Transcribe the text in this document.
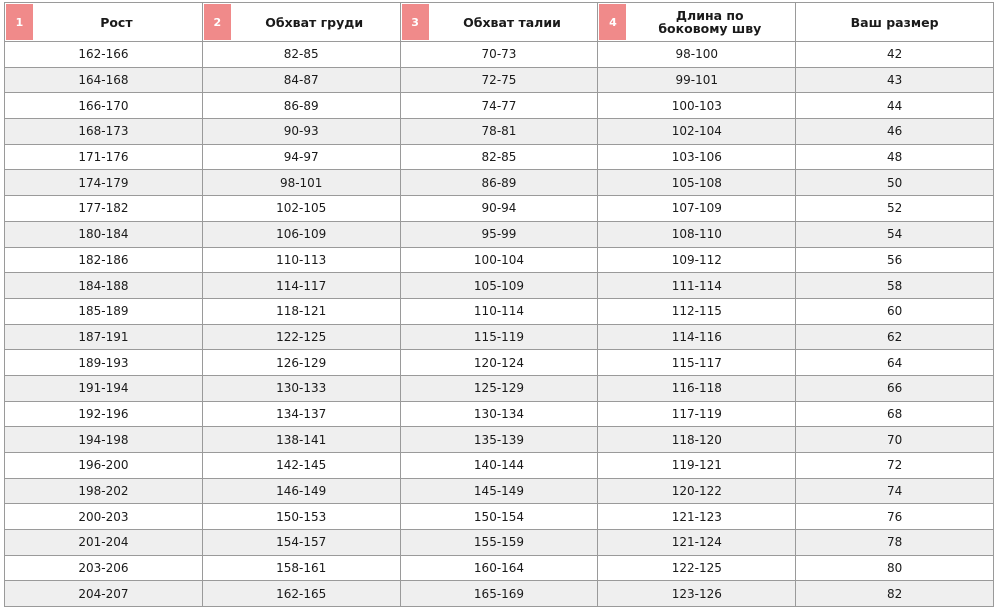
1 Рост	2 Обхват груди	3 Обхват талии	4 Длина по боковому шву	Ваш размер
162-166	82-85	70-73	98-100	42
164-168	84-87	72-75	99-101	43
166-170	86-89	74-77	100-103	44
168-173	90-93	78-81	102-104	46
171-176	94-97	82-85	103-106	48
174-179	98-101	86-89	105-108	50
177-182	102-105	90-94	107-109	52
180-184	106-109	95-99	108-110	54
182-186	110-113	100-104	109-112	56
184-188	114-117	105-109	111-114	58
185-189	118-121	110-114	112-115	60
187-191	122-125	115-119	114-116	62
189-193	126-129	120-124	115-117	64
191-194	130-133	125-129	116-118	66
192-196	134-137	130-134	117-119	68
194-198	138-141	135-139	118-120	70
196-200	142-145	140-144	119-121	72
198-202	146-149	145-149	120-122	74
200-203	150-153	150-154	121-123	76
201-204	154-157	155-159	121-124	78
203-206	158-161	160-164	122-125	80
204-207	162-165	165-169	123-126	82
